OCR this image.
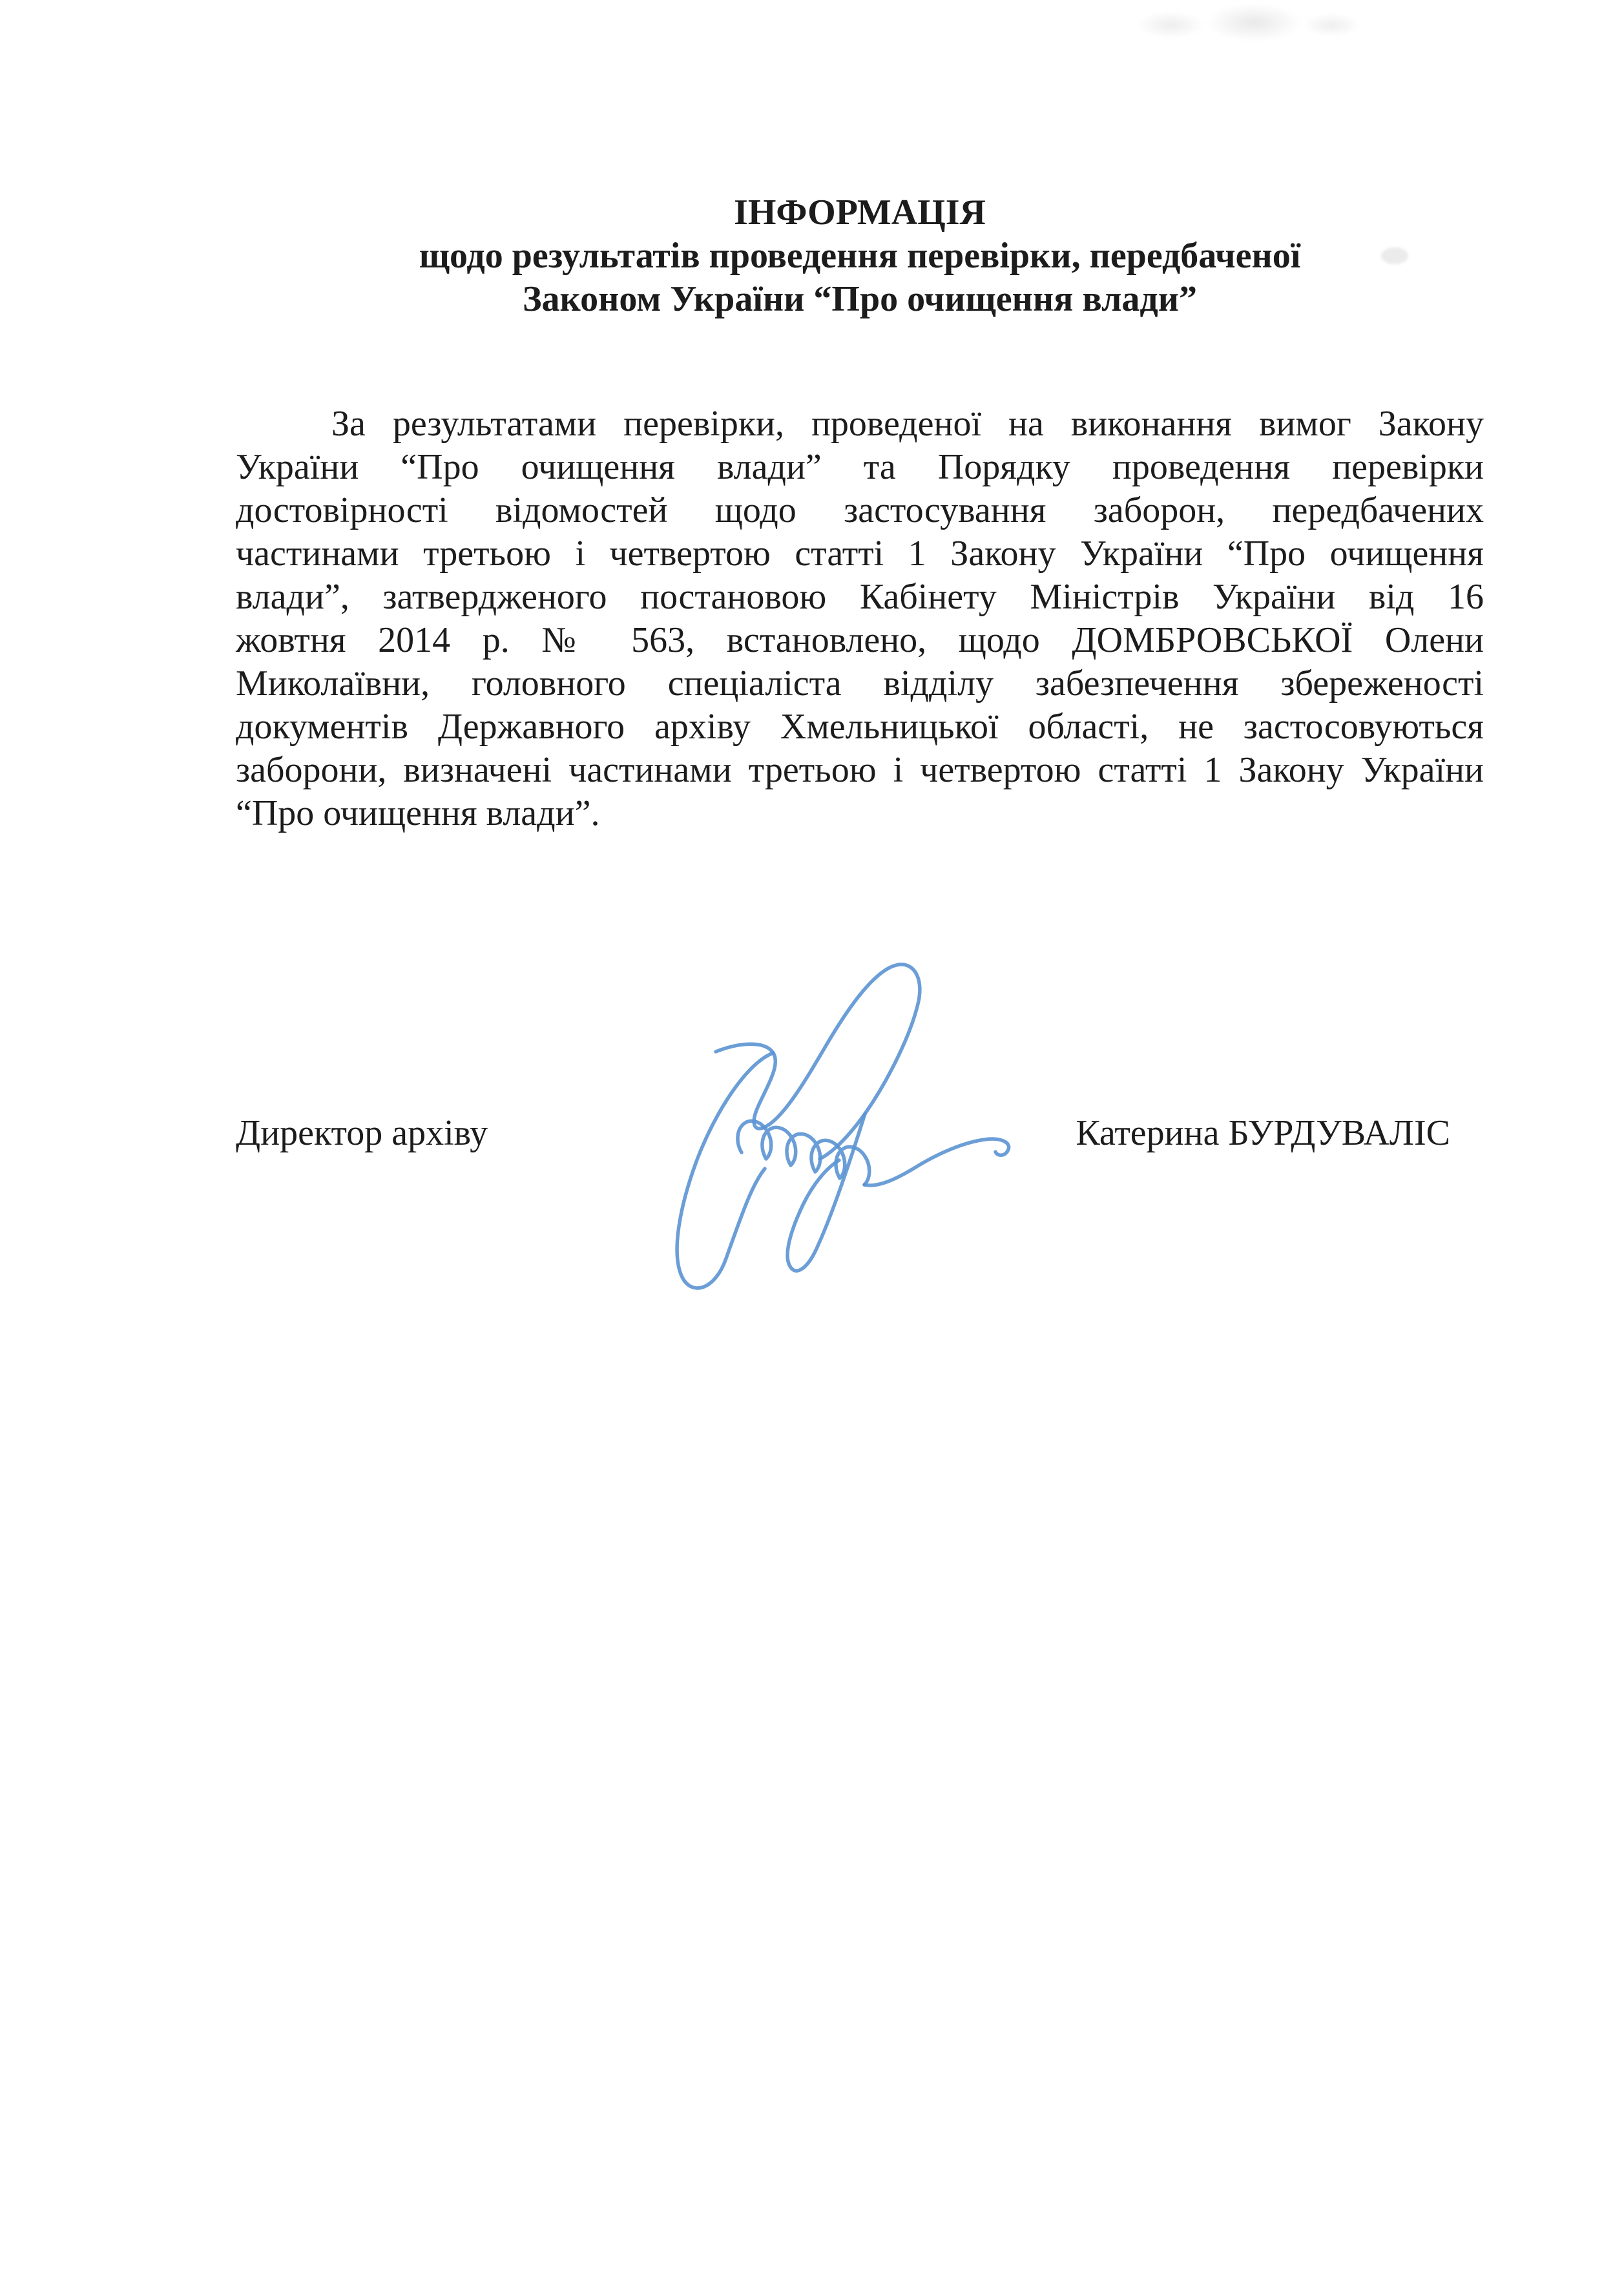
ІНФОРМАЦІЯ
щодо результатів проведення перевірки, передбаченої
Законом України “Про очищення влади”
За результатами перевірки, проведеної на виконання вимог Закону
України “Про очищення влади” та Порядку проведення перевірки
достовірності відомостей щодо застосування заборон, передбачених
частинами третьою і четвертою статті 1 Закону України “Про очищення
влади”, затвердженого постановою Кабінету Міністрів України від 16
жовтня 2014 р. № 563, встановлено, щодо ДОМБРОВСЬКОЇ Олени
Миколаївни, головного спеціаліста відділу забезпечення збереженості
документів Державного архіву Хмельницької області, не застосовуються
заборони, визначені частинами третьою і четвертою статті 1 Закону України
“Про очищення влади”.
Директор архіву	Катерина БУРДУВАЛІС
